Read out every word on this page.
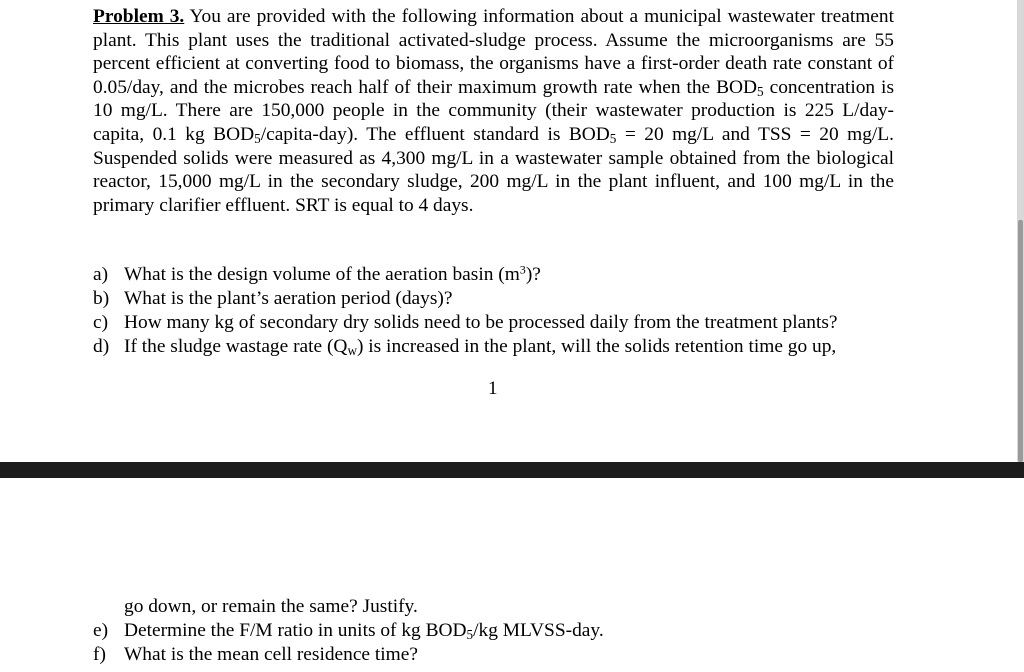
Problem 3. You are provided with the following information about a municipal wastewater treatment plant. This plant uses the traditional activated-sludge process. Assume the microorganisms are 55 percent efficient at converting food to biomass, the organisms have a first-order death rate constant of 0.05/day, and the microbes reach half of their maximum growth rate when the $BOD_5$ concentration is 10 mg/L. There are 150,000 people in the community (their wastewater production is 225 L/day-capita, 0.1 kg $BOD_5/capita-day$). The effluent standard is $BOD_5 = 20$ mg/L and TSS = 20 mg/L. Suspended solids were measured as 4,300 mg/L in a wastewater sample obtained from the biological reactor, 15,000 mg/L in the secondary sludge, 200 mg/L in the plant influent, and 100 mg/L in the primary clarifier effluent. SRT is equal to 4 days.
a) What is the design volume of the aeration basin $(m^3)$?
b) What is the plant’s aeration period (days)?
c) How many kg of secondary dry solids need to be processed daily from the treatment plants?
d) If the sludge wastage rate $(Q_w)$ is increased in the plant, will the solids retention time go up,
1
go down, or remain the same? Justify.
e) Determine the F/M ratio in units of kg $BOD_5/kg$ MLVSS-day.
f) What is the mean cell residence time?
